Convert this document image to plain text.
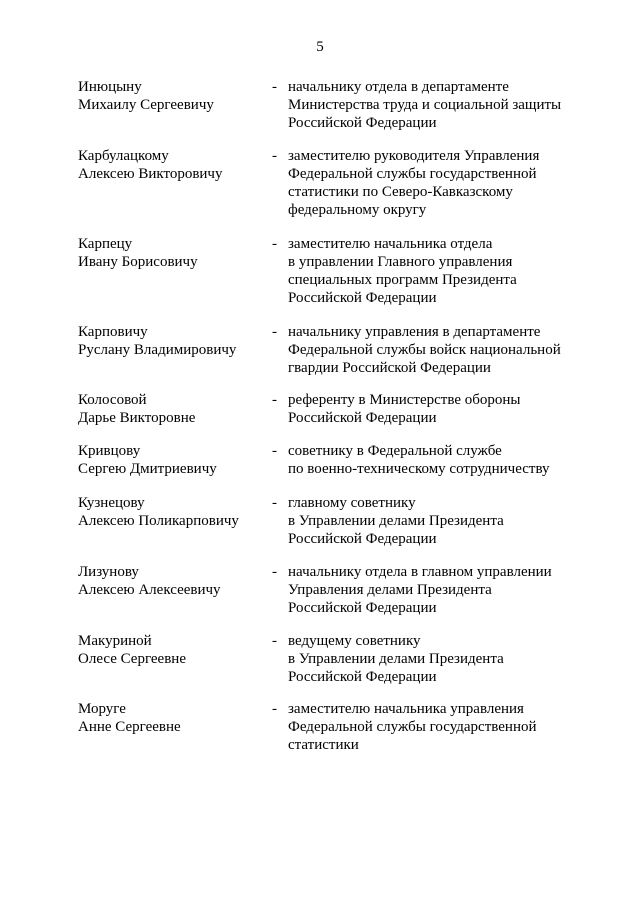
5
Инюцыну
Михаилу Сергеевичу
- начальнику отдела в департаменте
Министерства труда и социальной защиты
Российской Федерации
Карбулацкому
Алексею Викторовичу
- заместителю руководителя Управления
Федеральной службы государственной
статистики по Северо-Кавказскому
федеральному округу
Карпецу
Ивану Борисовичу
- заместителю начальника отдела
в управлении Главного управления
специальных программ Президента
Российской Федерации
Карповичу
Руслану Владимировичу
- начальнику управления в департаменте
Федеральной службы войск национальной
гвардии Российской Федерации
Колосовой
Дарье Викторовне
- референту в Министерстве обороны
Российской Федерации
Кривцову
Сергею Дмитриевичу
- советнику в Федеральной службе
по военно-техническому сотрудничеству
Кузнецову
Алексею Поликарповичу
- главному советнику
в Управлении делами Президента
Российской Федерации
Лизунову
Алексею Алексеевичу
- начальнику отдела в главном управлении
Управления делами Президента
Российской Федерации
Макуриной
Олесе Сергеевне
- ведущему советнику
в Управлении делами Президента
Российской Федерации
Моруге
Анне Сергеевне
- заместителю начальника управления
Федеральной службы государственной
статистики
